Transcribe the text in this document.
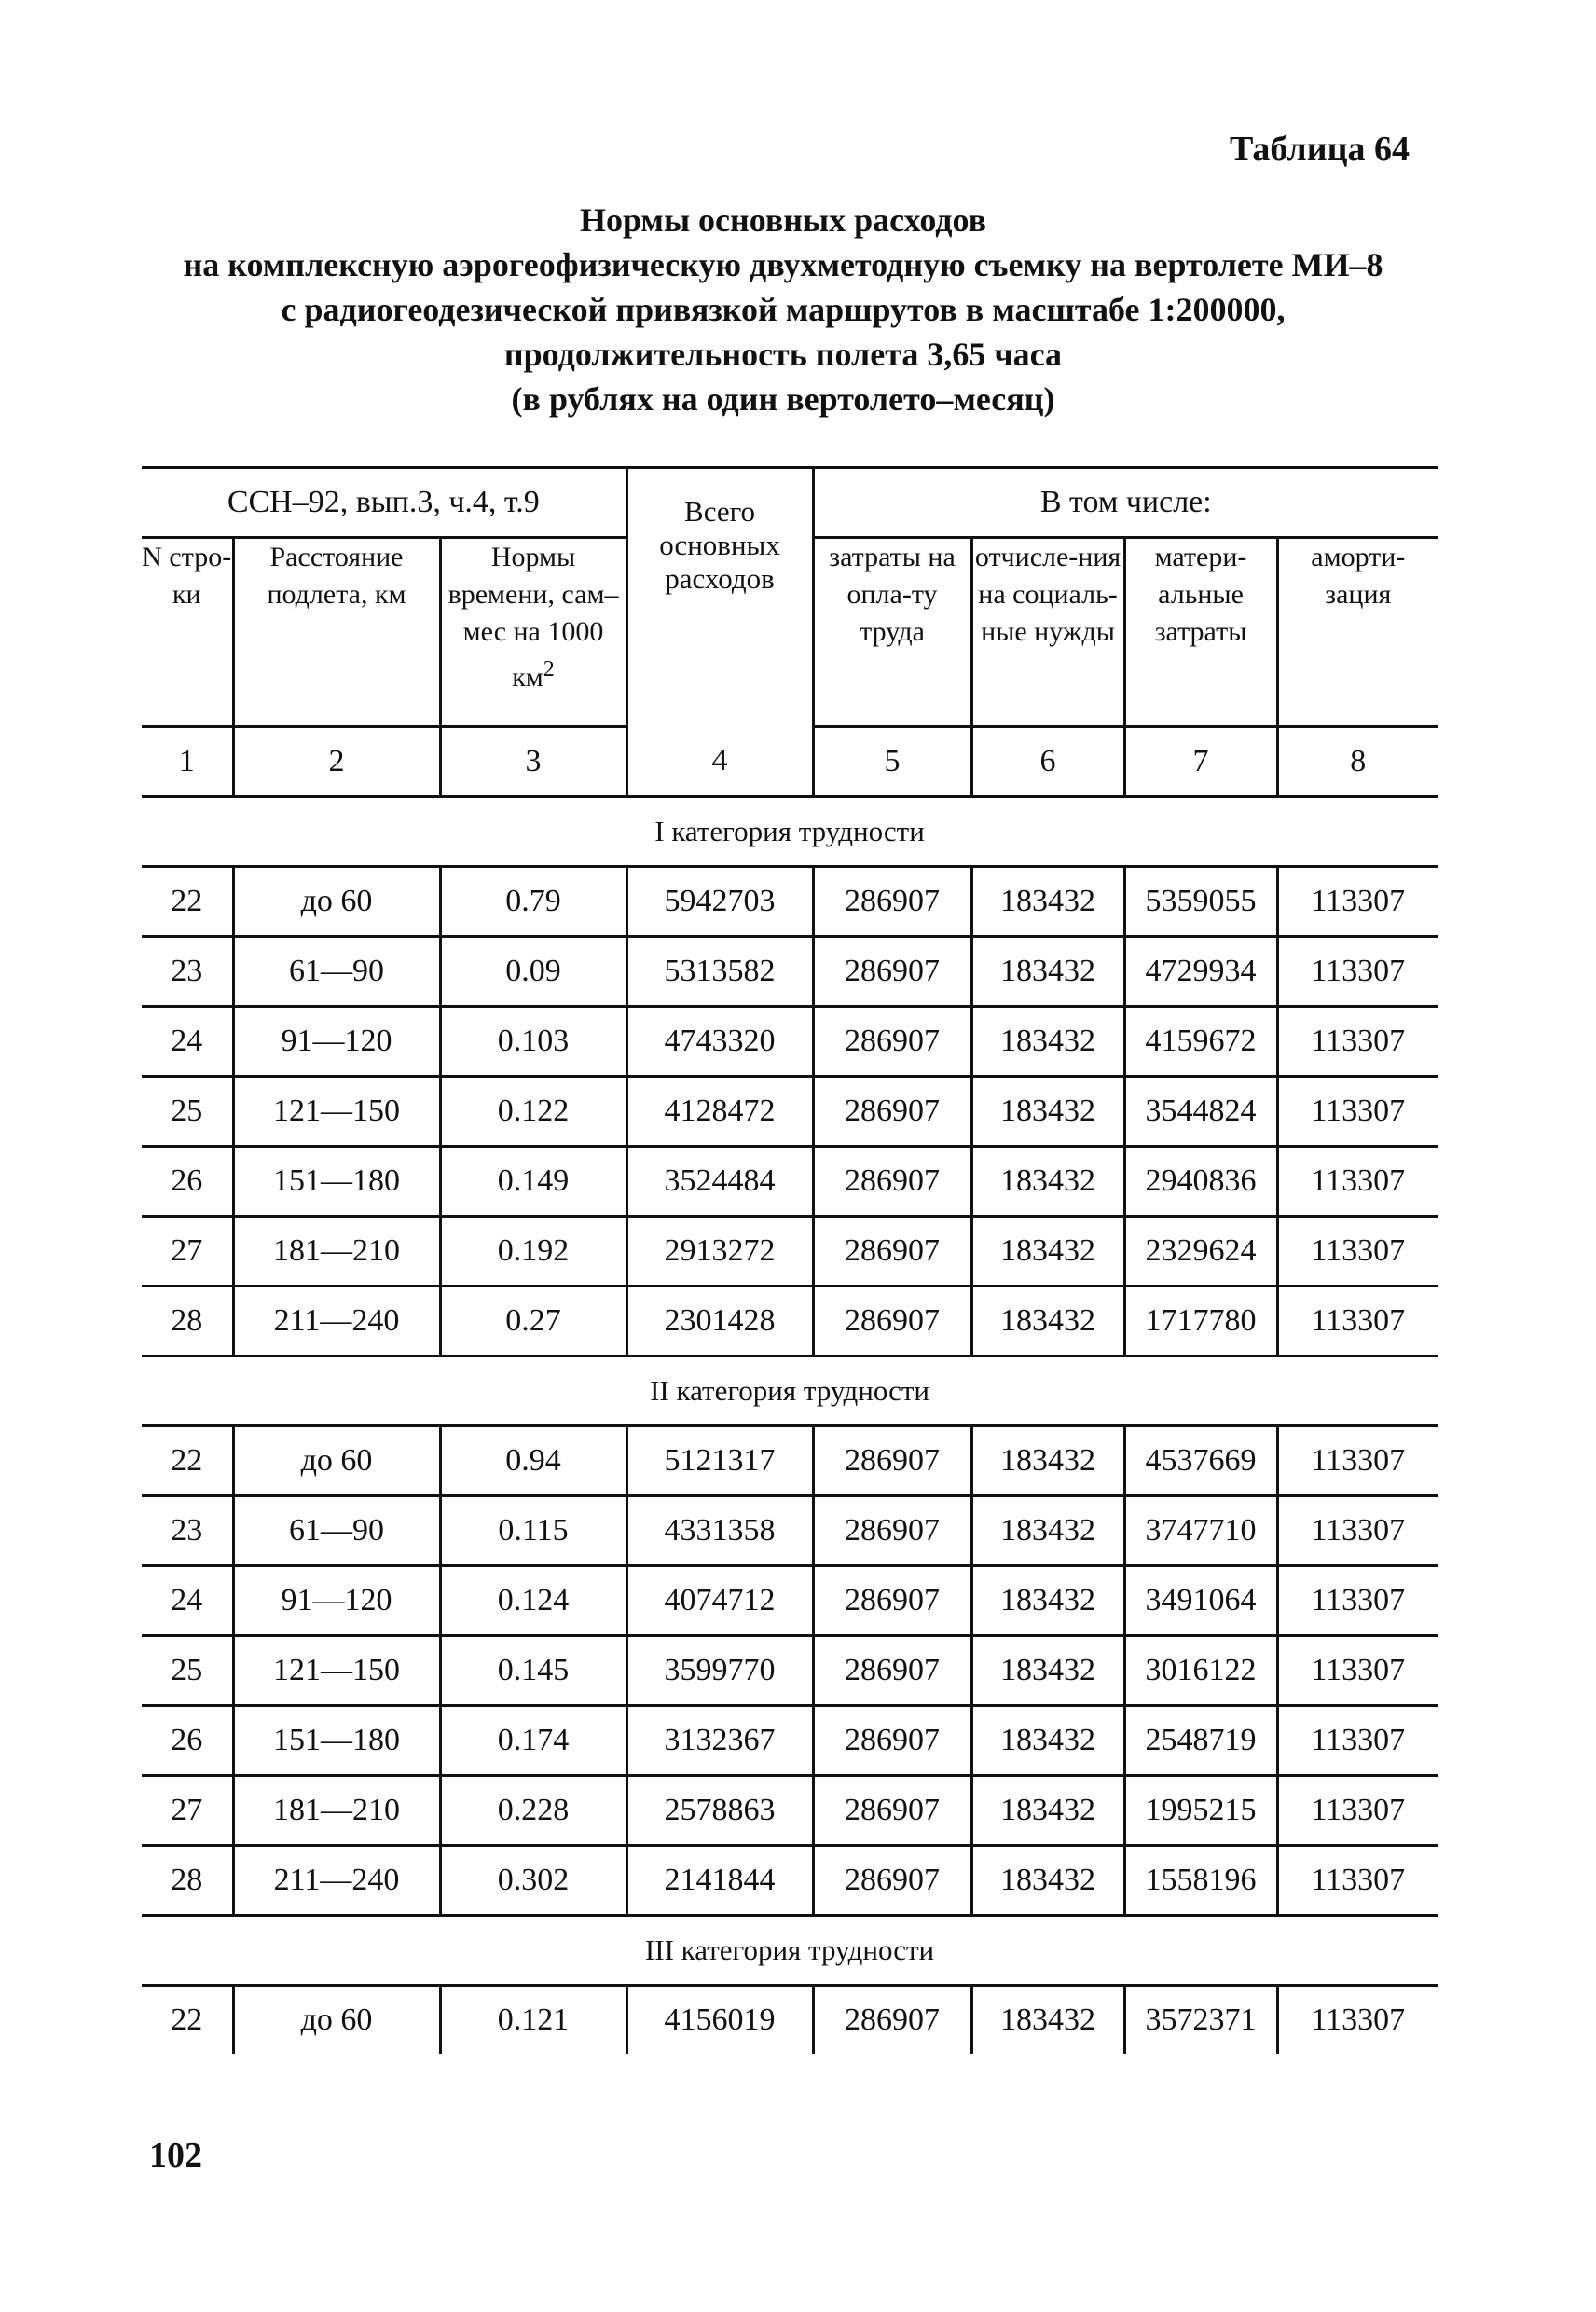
Таблица 64
Нормы основных расходов
на комплексную аэрогеофизическую двухметодную съемку на вертолете МИ–8
с радиогеодезической привязкой маршрутов в масштабе 1:200000,
продолжительность полета 3,65 часа
(в рублях на один вертолето–месяц)
ССН–92, вып.3, ч.4, т.9			Всего основных расходов	В том числе:			
N стро-ки	Расстояние подлета, км	Нормы времени, сам–мес на 1000 $км^2$		затраты на опла-ту труда	отчисле-ния на социаль-ные нужды	матери-альные затраты	аморти-зация
1	2	3	4	5	6	7	8
I категория трудности							
22	до 60	0.79	5942703	286907	183432	5359055	113307
23	61—90	0.09	5313582	286907	183432	4729934	113307
24	91—120	0.103	4743320	286907	183432	4159672	113307
25	121—150	0.122	4128472	286907	183432	3544824	113307
26	151—180	0.149	3524484	286907	183432	2940836	113307
27	181—210	0.192	2913272	286907	183432	2329624	113307
28	211—240	0.27	2301428	286907	183432	1717780	113307
II категория трудности							
22	до 60	0.94	5121317	286907	183432	4537669	113307
23	61—90	0.115	4331358	286907	183432	3747710	113307
24	91—120	0.124	4074712	286907	183432	3491064	113307
25	121—150	0.145	3599770	286907	183432	3016122	113307
26	151—180	0.174	3132367	286907	183432	2548719	113307
27	181—210	0.228	2578863	286907	183432	1995215	113307
28	211—240	0.302	2141844	286907	183432	1558196	113307
III категория трудности							
22	до 60	0.121	4156019	286907	183432	3572371	113307
102
